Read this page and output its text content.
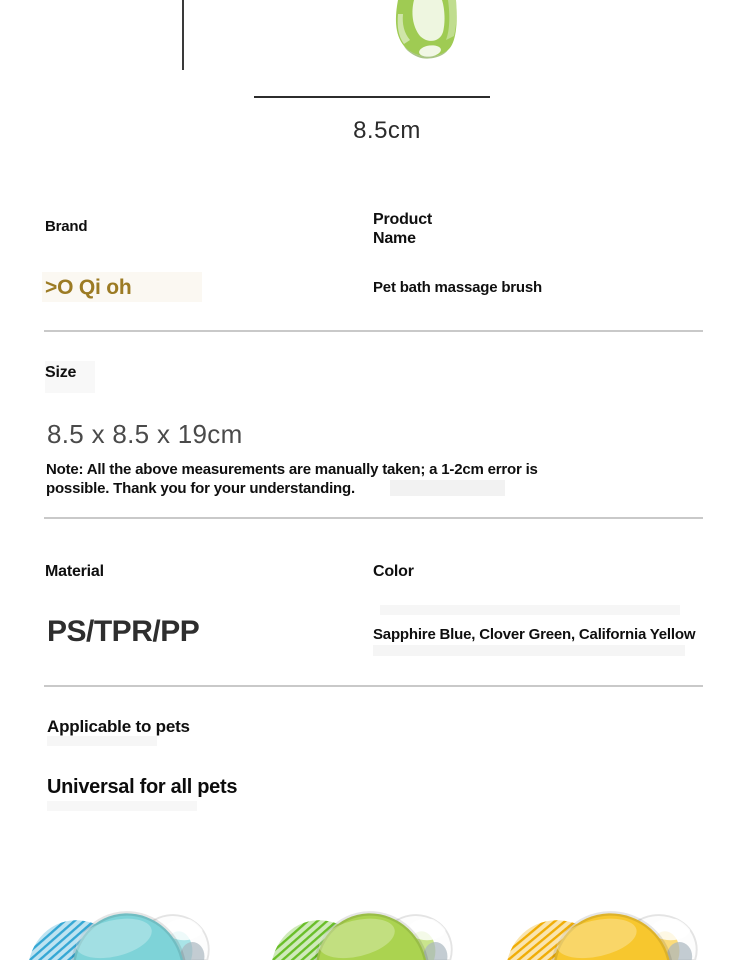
8.5cm
Brand	Product Name
>O Qi oh	Pet bath massage brush
Size
8.5 x 8.5 x 19cm
Note: All the above measurements are manually taken; a 1-2cm error is possible. Thank you for your understanding.
Material	Color
PS/TPR/PP	Sapphire Blue, Clover Green, California Yellow
Applicable to pets
Universal for all pets
